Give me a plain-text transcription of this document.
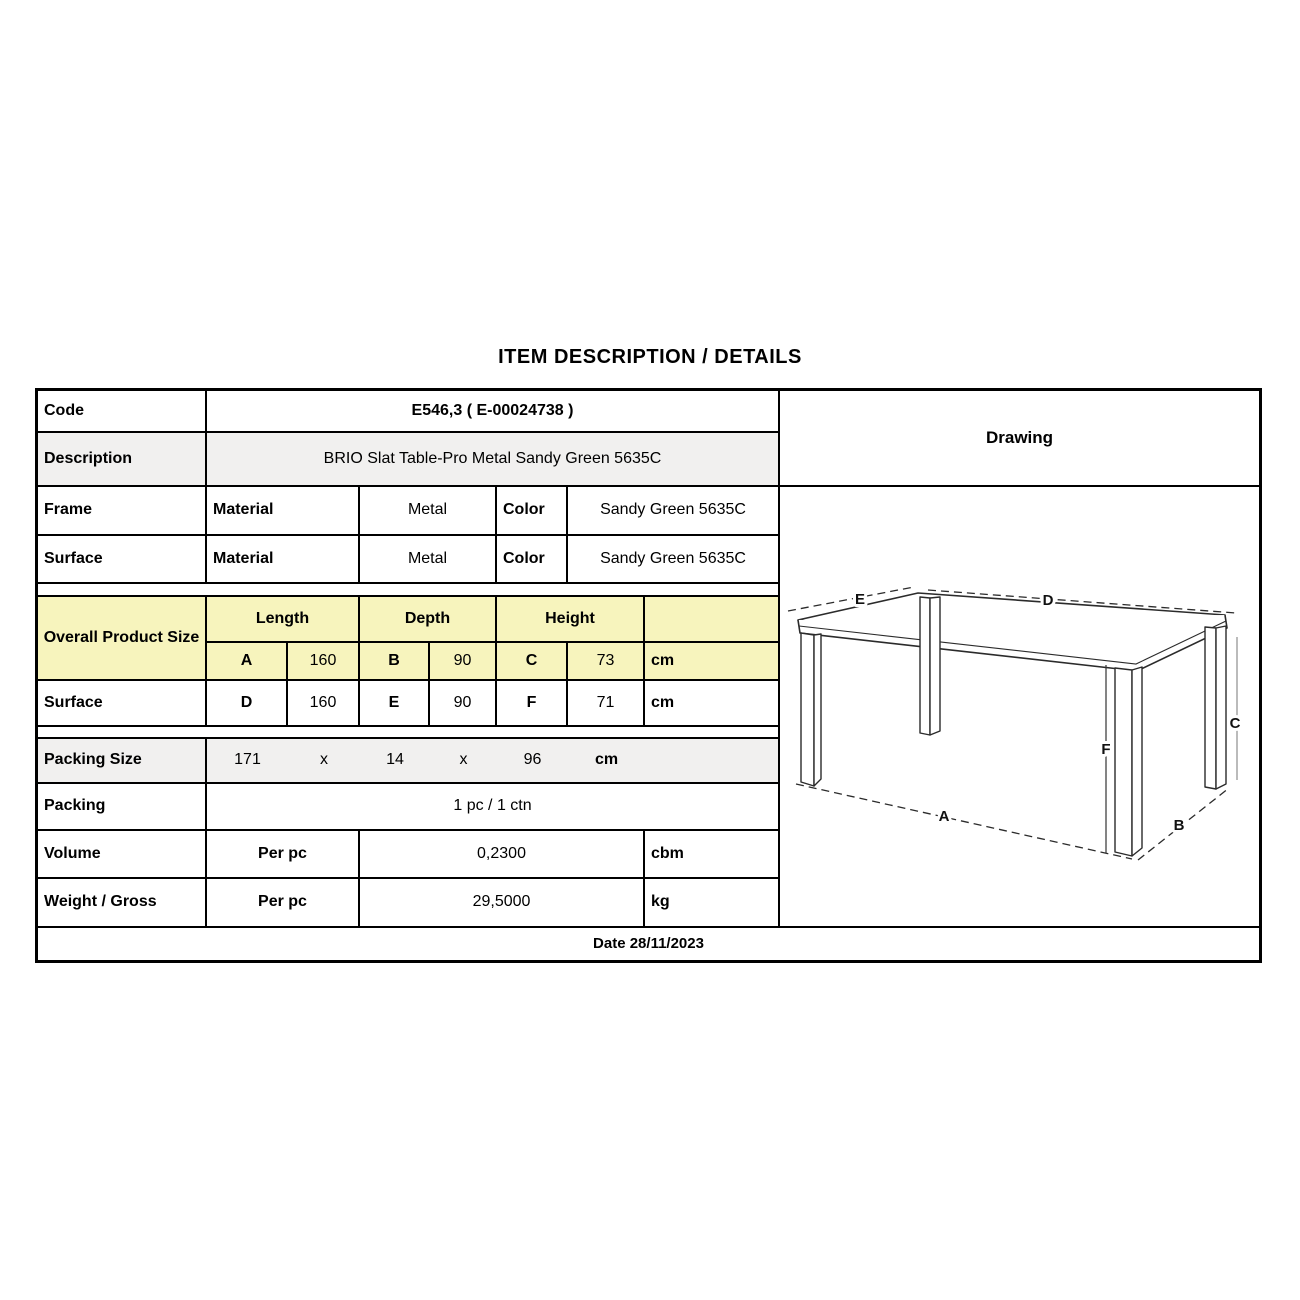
ITEM DESCRIPTION / DETAILS
Code	E546,3 ( E-00024738 )
Drawing
Description	BRIO Slat Table-Pro Metal Sandy Green 5635C
Frame	Material	Metal	Color	Sandy Green 5635C
Surface	Material	Metal	Color	Sandy Green 5635C
Overall Product Size
Length	Depth	Height
A	160	B	90	C	73	cm
Surface	D	160	E	90	F	71	cm
Packing Size	171	x	14	x	96	cm
Packing	1 pc / 1 ctn
Volume	Per pc	0,2300	cbm
Weight / Gross	Per pc	29,5000	kg
Date 28/11/2023
E	D
A
B
C
F
